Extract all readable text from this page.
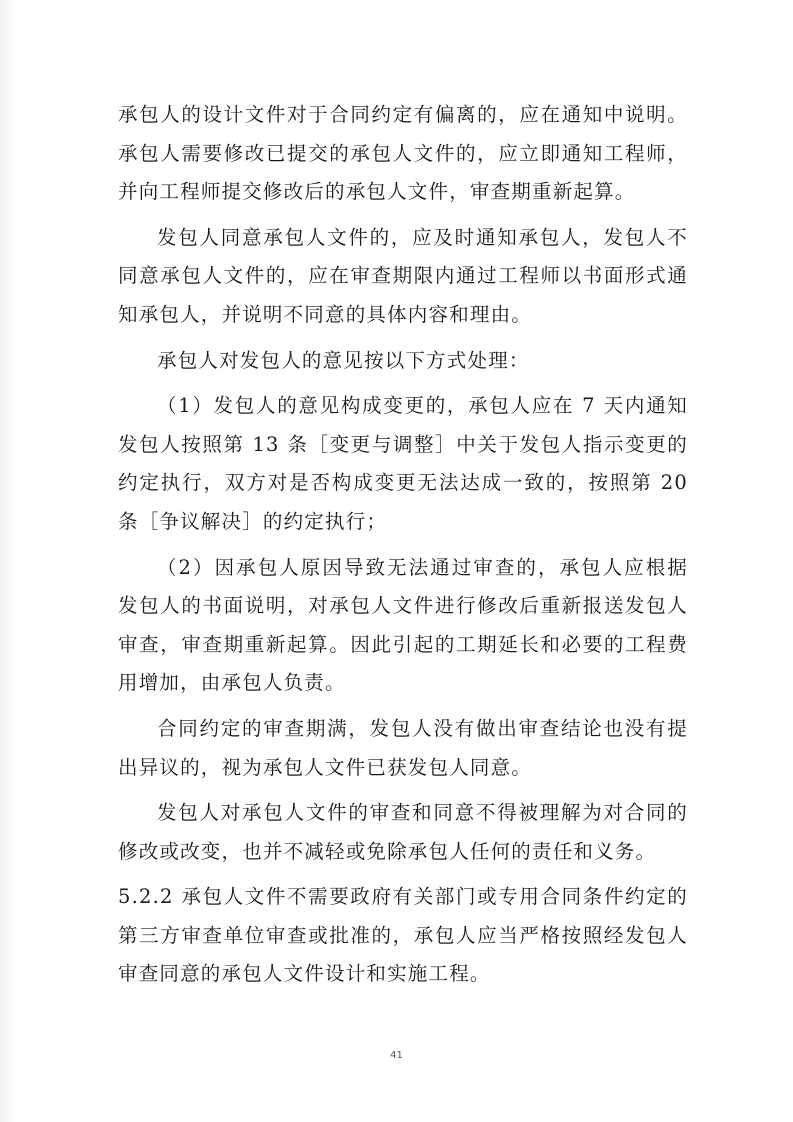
承包人的设计文件对于合同约定有偏离的，应在通知中说明。承包人需要修改已提交的承包人文件的，应立即通知工程师，并向工程师提交修改后的承包人文件，审查期重新起算。

发包人同意承包人文件的，应及时通知承包人，发包人不同意承包人文件的，应在审查期限内通过工程师以书面形式通知承包人，并说明不同意的具体内容和理由。

承包人对发包人的意见按以下方式处理：

（1）发包人的意见构成变更的，承包人应在 7 天内通知发包人按照第 13 条［变更与调整］中关于发包人指示变更的约定执行，双方对是否构成变更无法达成一致的，按照第 20 条［争议解决］的约定执行；

（2）因承包人原因导致无法通过审查的，承包人应根据发包人的书面说明，对承包人文件进行修改后重新报送发包人审查，审查期重新起算。因此引起的工期延长和必要的工程费用增加，由承包人负责。

合同约定的审查期满，发包人没有做出审查结论也没有提出异议的，视为承包人文件已获发包人同意。

发包人对承包人文件的审查和同意不得被理解为对合同的修改或改变，也并不减轻或免除承包人任何的责任和义务。

5.2.2 承包人文件不需要政府有关部门或专用合同条件约定的第三方审查单位审查或批准的，承包人应当严格按照经发包人审查同意的承包人文件设计和实施工程。

41
